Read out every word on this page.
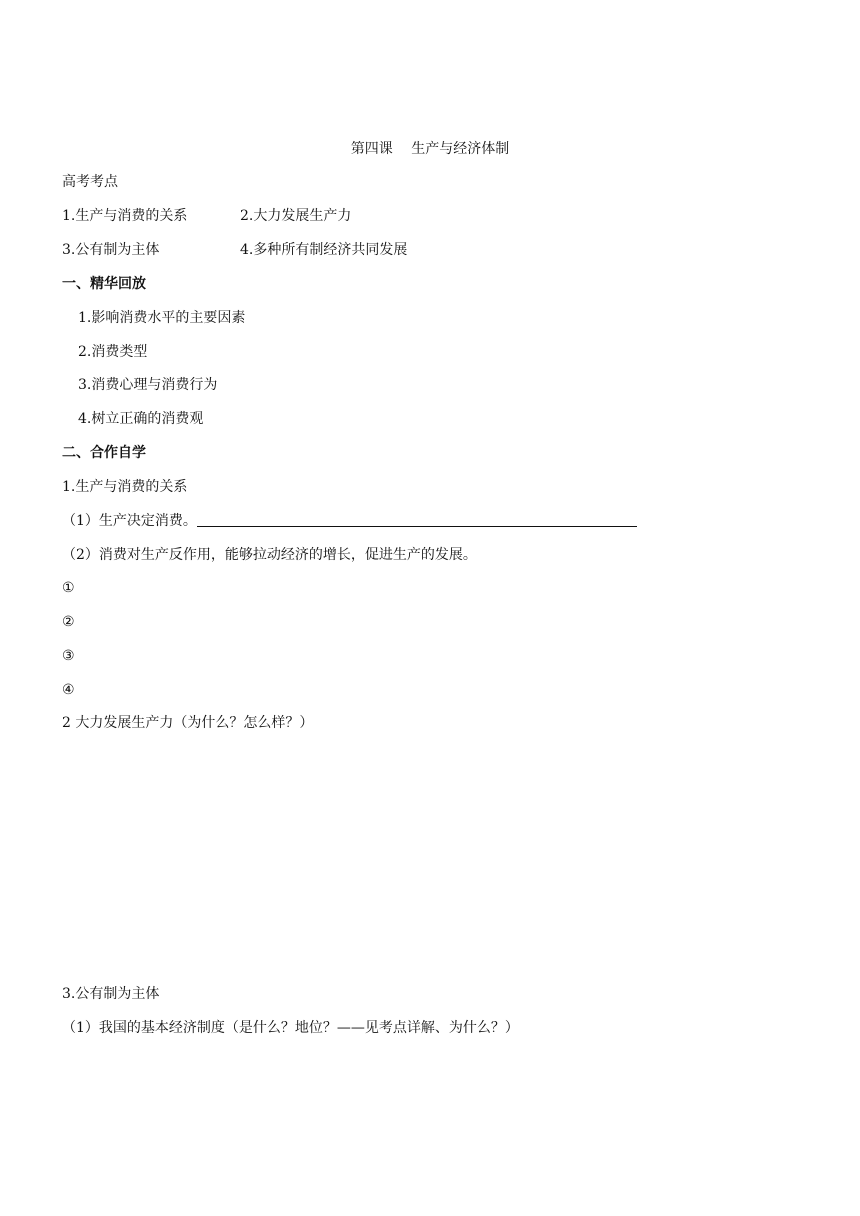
第四课　 生产与经济体制
高考考点
1.生产与消费的关系	2.大力发展生产力
3.公有制为主体	4.多种所有制经济共同发展
一、精华回放
1.影响消费水平的主要因素
2.消费类型
3.消费心理与消费行为
4.树立正确的消费观
二、合作自学
1.生产与消费的关系
（1）生产决定消费。
（2）消费对生产反作用，能够拉动经济的增长，促进生产的发展。
①
②
③
④
2 大力发展生产力（为什么？怎么样？）
3.公有制为主体
（1）我国的基本经济制度（是什么？地位？——见考点详解、为什么？）
